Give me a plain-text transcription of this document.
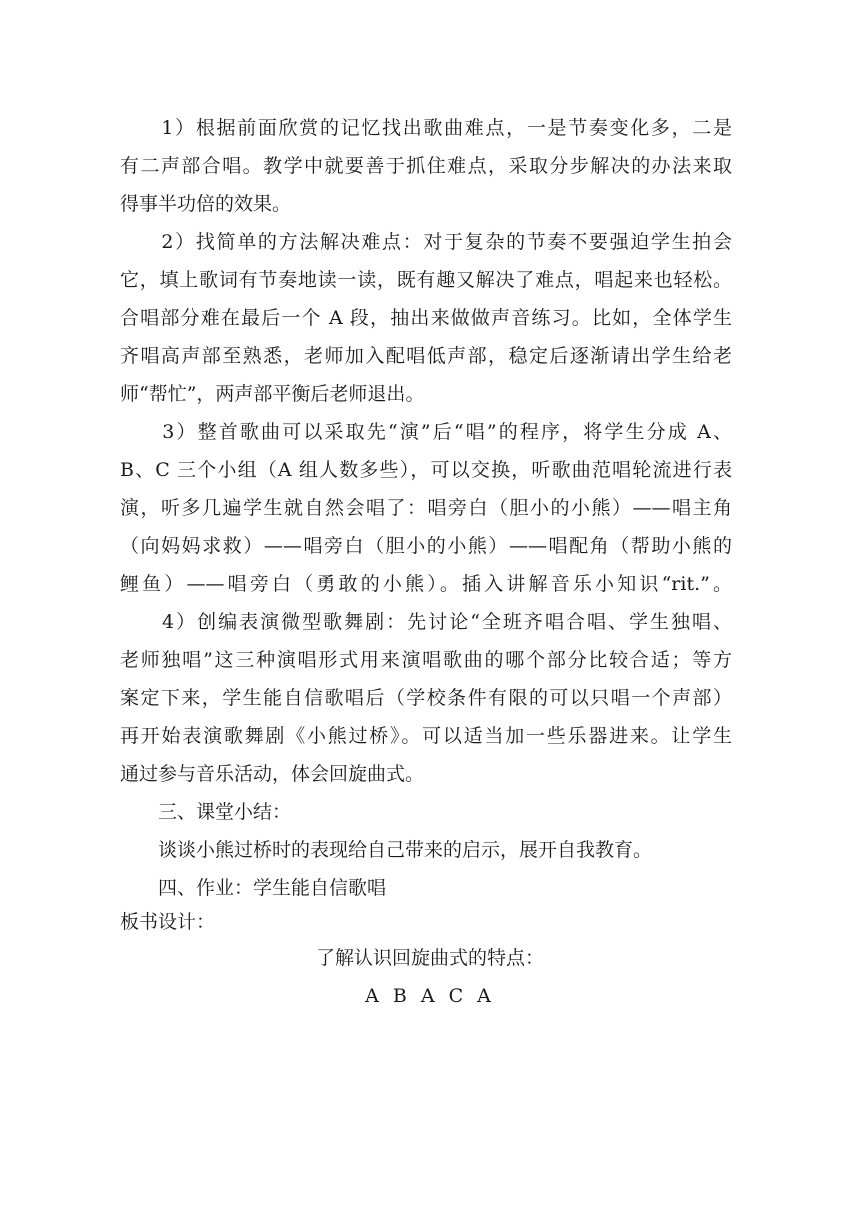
　　1）根据前面欣赏的记忆找出歌曲难点，一是节奏变化多，二是
有二声部合唱。教学中就要善于抓住难点，采取分步解决的办法来取
得事半功倍的效果。
　　2）找简单的方法解决难点：对于复杂的节奏不要强迫学生拍会
它，填上歌词有节奏地读一读，既有趣又解决了难点，唱起来也轻松。
合唱部分难在最后一个 A 段，抽出来做做声音练习。比如，全体学生
齐唱高声部至熟悉，老师加入配唱低声部，稳定后逐渐请出学生给老
师“帮忙”，两声部平衡后老师退出。
　　3）整首歌曲可以采取先“演”后“唱”的程序，将学生分成 A、
B、C 三个小组（A 组人数多些），可以交换，听歌曲范唱轮流进行表
演，听多几遍学生就自然会唱了：唱旁白（胆小的小熊）——唱主角
（向妈妈求救）——唱旁白（胆小的小熊）——唱配角（帮助小熊的
鲤鱼）——唱旁白（勇敢的小熊）。插入讲解音乐小知识“rit.”。
　　4）创编表演微型歌舞剧：先讨论“全班齐唱合唱、学生独唱、
老师独唱”这三种演唱形式用来演唱歌曲的哪个部分比较合适；等方
案定下来，学生能自信歌唱后（学校条件有限的可以只唱一个声部）
再开始表演歌舞剧《小熊过桥》。可以适当加一些乐器进来。让学生
通过参与音乐活动，体会回旋曲式。
　　三、课堂小结：
　　谈谈小熊过桥时的表现给自己带来的启示，展开自我教育。
　　四、作业：学生能自信歌唱
板书设计：
了解认识回旋曲式的特点：
A B A C A
